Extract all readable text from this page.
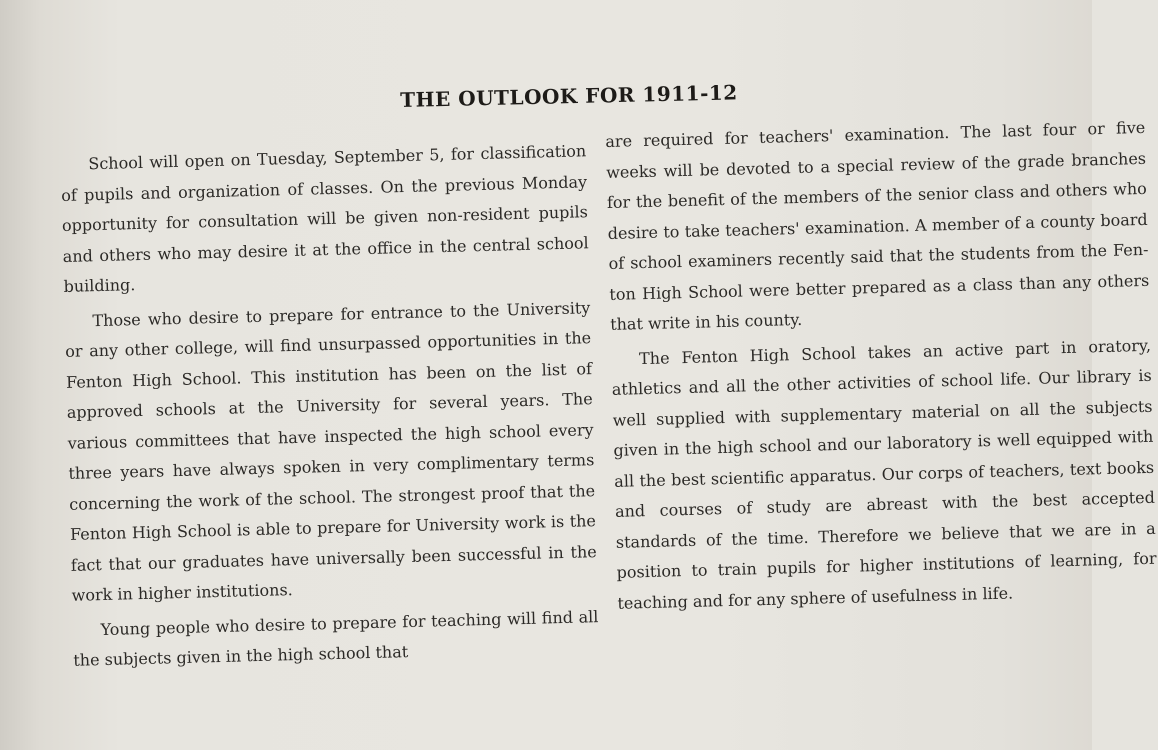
THE OUTLOOK FOR 1911-12

School will open on Tuesday, September 5, for classification of pupils and organization of classes. On the previous Monday opportunity for consultation will be given non-resident pupils and others who may desire it at the office in the central school building.

Those who desire to prepare for entrance to the University or any other college, will find unsurpassed opportunities in the Fenton High School. This institution has been on the list of approved schools at the University for several years. The various committees that have inspected the high school every three years have always spoken in very complimentary terms concerning the work of the school. The strongest proof that the Fenton High School is able to prepare for University work is the fact that our graduates have universally been successful in the work in higher institutions.

Young people who desire to prepare for teaching will find all the subjects given in the high school that

are required for teachers' examination. The last four or five weeks will be devoted to a special review of the grade branches for the benefit of the members of the senior class and others who desire to take teachers' examination. A member of a county board of school examiners recently said that the students from the Fenton High School were better prepared as a class than any others that write in his county.

The Fenton High School takes an active part in oratory, athletics and all the other activities of school life. Our library is well supplied with supplementary material on all the subjects given in the high school and our laboratory is well equipped with all the best scientific apparatus. Our corps of teachers, text books and courses of study are abreast with the best accepted standards of the time. Therefore we believe that we are in a position to train pupils for higher institutions of learning, for teaching and for any sphere of usefulness in life.
